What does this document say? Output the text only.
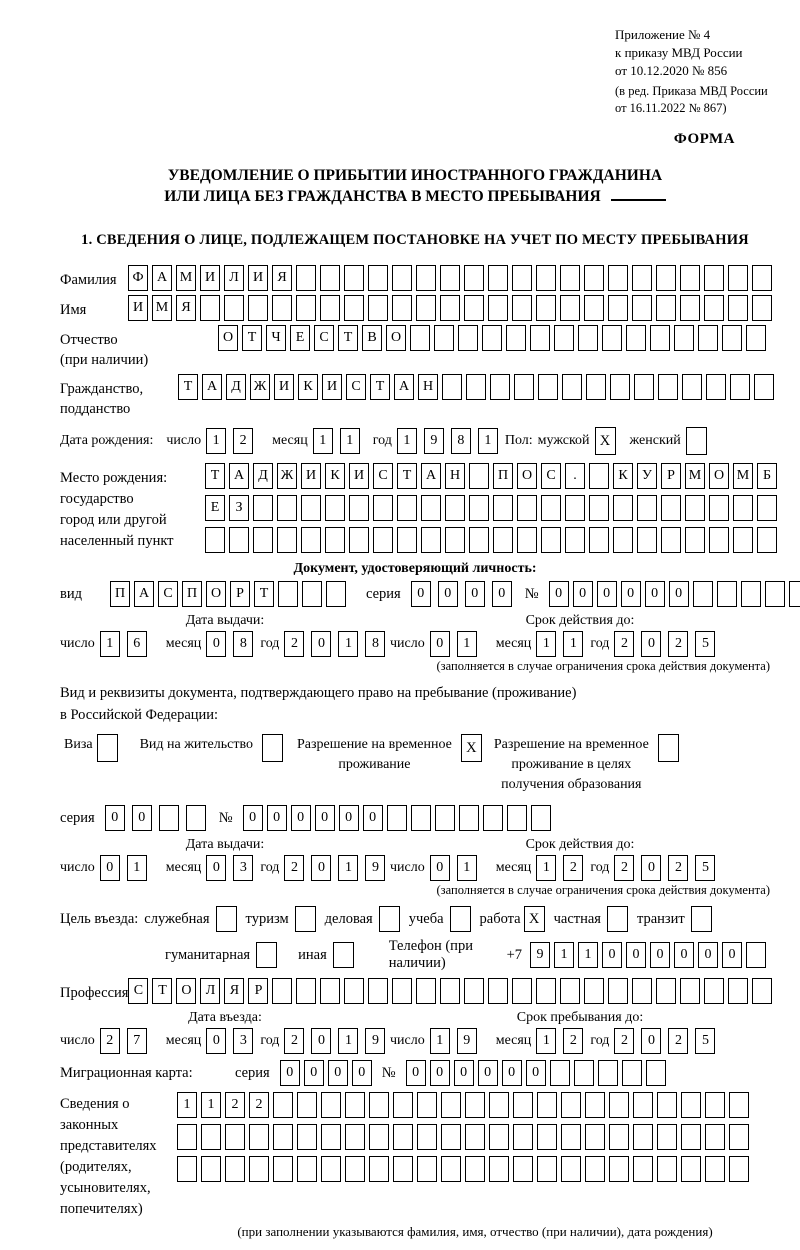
Приложение № 4
к приказу МВД России
от 10.12.2020 № 856
(в ред. Приказа МВД России
от 16.11.2022 № 867)
ФОРМА
УВЕДОМЛЕНИЕ О ПРИБЫТИИ ИНОСТРАННОГО ГРАЖДАНИНА
ИЛИ ЛИЦА БЕЗ ГРАЖДАНСТВА В МЕСТО ПРЕБЫВАНИЯ
1. СВЕДЕНИЯ О ЛИЦЕ, ПОДЛЕЖАЩЕМ ПОСТАНОВКЕ НА УЧЕТ ПО МЕСТУ ПРЕБЫВАНИЯ
Фамилия	Ф А М И	Л	И	Я
Имя	И М Я
Отчество
(при наличии)
О	Т	Ч	Е	С	Т	В	О
Гражданство,
подданство
Т	А	Д Ж И	К	И	С	Т	А Н
Дата рождения: число 1	2	месяц 1	1	год 1	9	8	1 Пол: мужской X	женский
Место рождения:
государство
город или другой
населенный пункт
Т	А	Д Ж И	К	И	С	Т	А Н	П О	С	.	К	У	Р М О М Б
Е	З
Документ, удостоверяющий личность:
вид	П А	С	П О	Р	Т	серия	0	0	0	0	№	0	0	0	0	0	0
Дата выдачи:
число 1	6	месяц 0	8 год 2	0	1	8
Срок действия до:
число 0	1	месяц 1	1 год 2	0	2	5
(заполняется в случае ограничения срока действия документа)
Вид и реквизиты документа, подтверждающего право на пребывание (проживание)
в Российской Федерации:
Виза	Вид на жительство	Разрешение на временное
проживание
X	Разрешение на временное
проживание в целях
получения образования
серия	0	0	№	0	0	0	0	0	0
Дата выдачи:
число 0	1	месяц 0	3 год 2	0	1	9
Срок действия до:
число 0	1	месяц 1	2 год 2	0	2	5
(заполняется в случае ограничения срока действия документа)
Цель въезда: служебная туризм деловая учеба работа X частная транзит
гуманитарная	иная
Телефон (при наличии)
+7	9	1	1	0	0	0	0	0	0
Профессия С	Т	О	Л	Я	Р
Дата въезда:
число 2	7	месяц 0	3 год 2	0	1	9
Срок пребывания до:
число 1	9	месяц 1	2 год 2	0	2	5
Миграционная карта:	серия	0	0	0	0	№	0	0	0	0	0	0
Сведения о
законных
представителях
(родителях,
усыновителях,
попечителях)
1	1	2	2
(при заполнении указываются фамилия, имя, отчество (при наличии), дата рождения)
